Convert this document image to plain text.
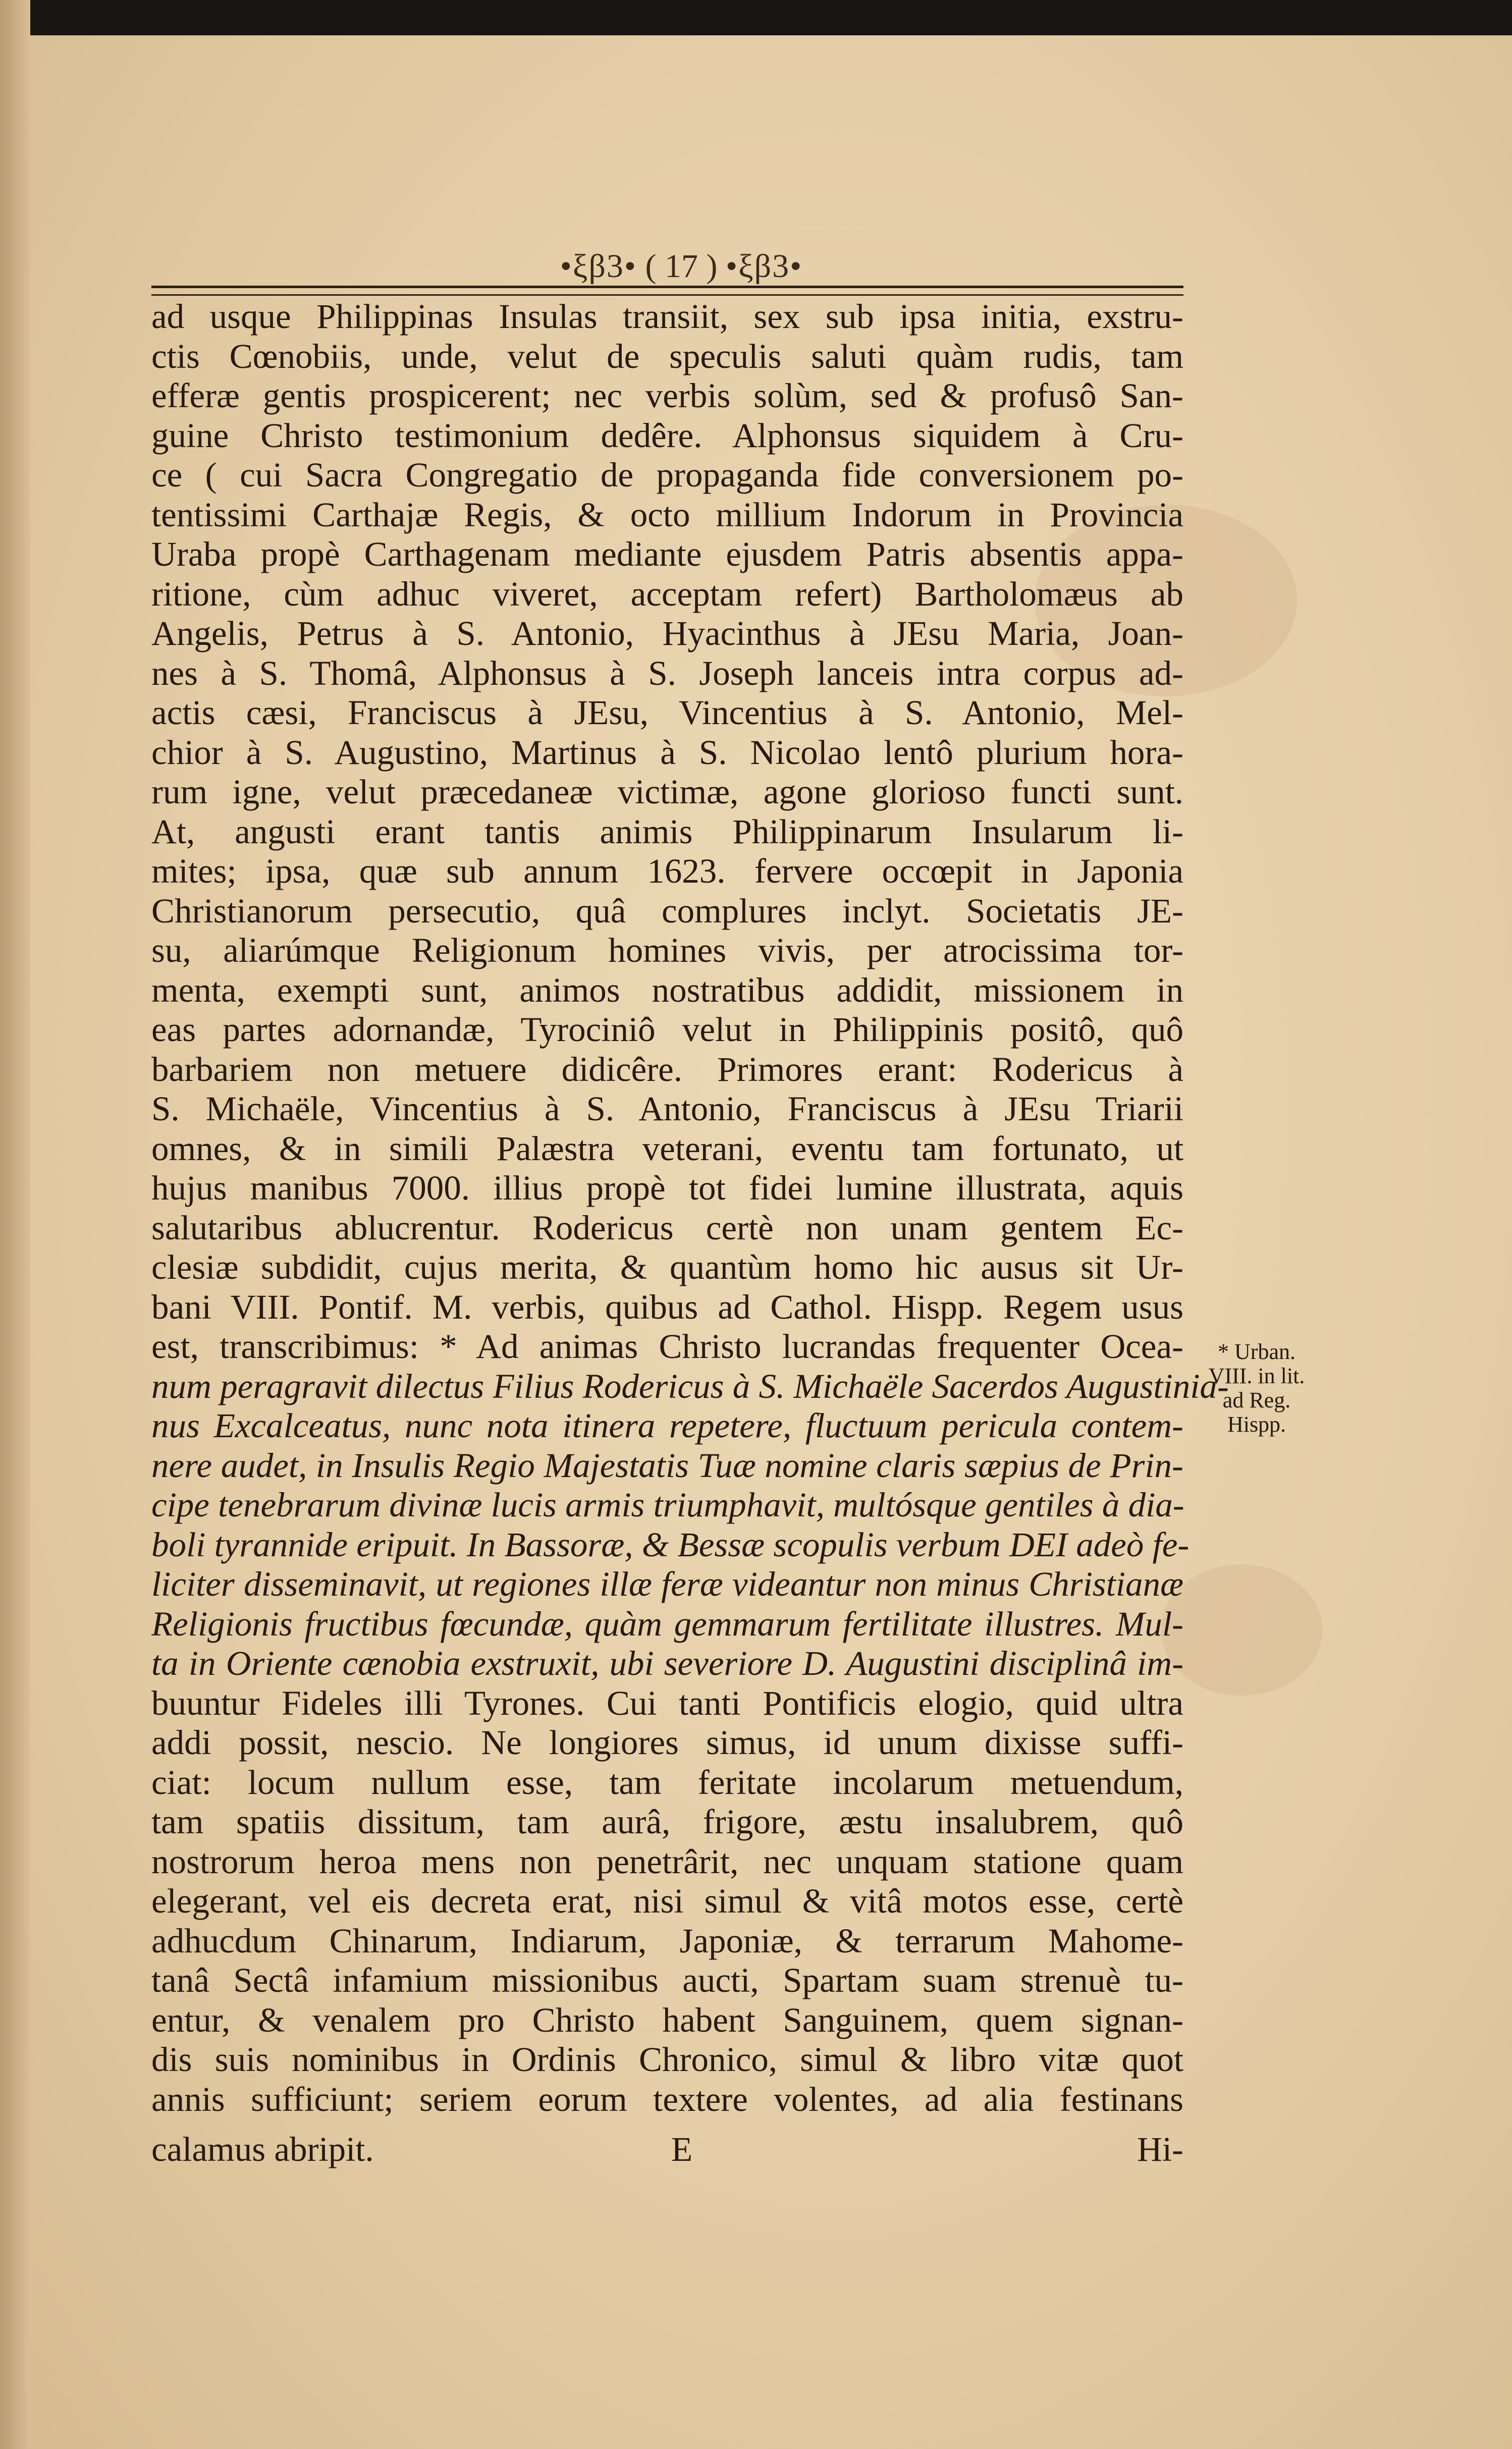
•ξβ3• ( 17 ) •ξβ3•
ad usque Philippinas Insulas transiit, sex sub ipsa initia, exstru-
ctis Cœnobiis, unde, velut de speculis saluti quàm rudis, tam
efferæ gentis prospicerent; nec verbis solùm, sed & profusô San-
guine Christo testimonium dedêre. Alphonsus siquidem à Cru-
ce ( cui Sacra Congregatio de propaganda fide conversionem po-
tentissimi Carthajæ Regis, & octo millium Indorum in Provincia
Uraba propè Carthagenam mediante ejusdem Patris absentis appa-
ritione, cùm adhuc viveret, acceptam refert) Bartholomæus ab
Angelis, Petrus à S. Antonio, Hyacinthus à JEsu Maria, Joan-
nes à S. Thomâ, Alphonsus à S. Joseph lanceis intra corpus ad-
actis cæsi, Franciscus à JEsu, Vincentius à S. Antonio, Mel-
chior à S. Augustino, Martinus à S. Nicolao lentô plurium hora-
rum igne, velut præcedaneæ victimæ, agone glorioso functi sunt.
At, angusti erant tantis animis Philippinarum Insularum li-
mites; ipsa, quæ sub annum 1623. fervere occœpit in Japonia
Christianorum persecutio, quâ complures inclyt. Societatis JE-
su, aliarúmque Religionum homines vivis, per atrocissima tor-
menta, exempti sunt, animos nostratibus addidit, missionem in
eas partes adornandæ, Tyrociniô velut in Philippinis positô, quô
barbariem non metuere didicêre. Primores erant: Rodericus à
S. Michaële, Vincentius à S. Antonio, Franciscus à JEsu Triarii
omnes, & in simili Palæstra veterani, eventu tam fortunato, ut
hujus manibus 7000. illius propè tot fidei lumine illustrata, aquis
salutaribus ablucrentur. Rodericus certè non unam gentem Ec-
clesiæ subdidit, cujus merita, & quantùm homo hic ausus sit Ur-
bani VIII. Pontif. M. verbis, quibus ad Cathol. Hispp. Regem usus
est, transcribimus: * Ad animas Christo lucrandas frequenter Ocea-
num peragravit dilectus Filius Rodericus à S. Michaële Sacerdos Augustinia-
nus Excalceatus, nunc nota itinera repetere, fluctuum pericula contem-
nere audet, in Insulis Regio Majestatis Tuæ nomine claris sæpius de Prin-
cipe tenebrarum divinæ lucis armis triumphavit, multósque gentiles à dia-
boli tyrannide eripuit. In Bassoræ, & Bessæ scopulis verbum DEI adeò fe-
liciter disseminavit, ut regiones illæ feræ videantur non minus Christianæ
Religionis fructibus fœcundæ, quàm gemmarum fertilitate illustres. Mul-
ta in Oriente cænobia exstruxit, ubi severiore D. Augustini disciplinâ im-
buuntur Fideles illi Tyrones. Cui tanti Pontificis elogio, quid ultra
addi possit, nescio. Ne longiores simus, id unum dixisse suffi-
ciat: locum nullum esse, tam feritate incolarum metuendum,
tam spatiis dissitum, tam aurâ, frigore, æstu insalubrem, quô
nostrorum heroa mens non penetrârit, nec unquam statione quam
elegerant, vel eis decreta erat, nisi simul & vitâ motos esse, certè
adhucdum Chinarum, Indiarum, Japoniæ, & terrarum Mahome-
tanâ Sectâ infamium missionibus aucti, Spartam suam strenuè tu-
entur, & venalem pro Christo habent Sanguinem, quem signan-
dis suis nominibus in Ordinis Chronico, simul & libro vitæ quot
annis sufficiunt; seriem eorum textere volentes, ad alia festinans
calamus abripit.	E	Hi-
* Urban.
VIII. in lit.
ad Reg.
Hispp.
